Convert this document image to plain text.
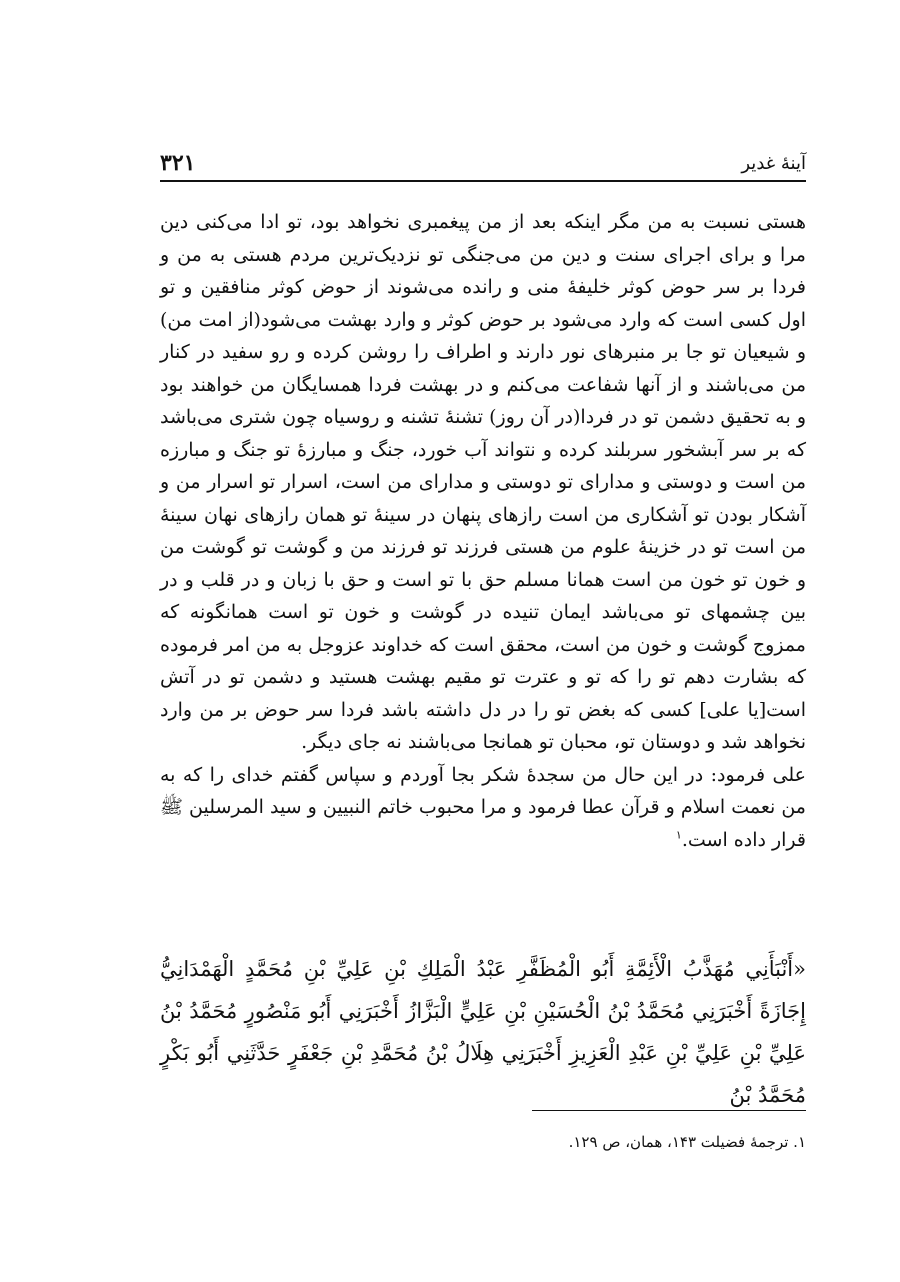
آینهٔ غدیر
۳۲۱

هستی نسبت به من مگر اینکه بعد از من پیغمبری نخواهد بود، تو ادا می‌کنی دین مرا و برای اجرای سنت و دین من می‌جنگی تو نزدیک‌ترین مردم هستی به من و فردا بر سر حوض کوثر خلیفهٔ منی و رانده می‌شوند از حوض کوثر منافقین و تو اول کسی است که وارد می‌شود بر حوض کوثر و وارد بهشت می‌شود(از امت من) و شیعیان تو جا بر منبرهای نور دارند و اطراف را روشن کرده و رو سفید در کنار من می‌باشند و از آنها شفاعت می‌کنم و در بهشت فردا همسایگان من خواهند بود و به تحقیق دشمن تو در فردا(در آن روز) تشنهٔ تشنه و روسیاه چون شتری می‌باشد که بر سر آبشخور سربلند کرده و نتواند آب خورد، جنگ و مبارزهٔ تو جنگ و مبارزه من است و دوستی و مدارای تو دوستی و مدارای من است، اسرار تو اسرار من و آشکار بودن تو آشکاری من است رازهای پنهان در سینهٔ تو همان رازهای نهان سینهٔ من است تو در خزینهٔ علوم من هستی فرزند تو فرزند من و گوشت تو گوشت من و خون تو خون من است همانا مسلم حق با تو است و حق با زبان و در قلب و در بین چشمهای تو می‌باشد ایمان تنیده در گوشت و خون تو است همانگونه که ممزوج گوشت و خون من است، محقق است که خداوند عزوجل به من امر فرموده که بشارت دهم تو را که تو و عترت تو مقیم بهشت هستید و دشمن تو در آتش است[یا علی] کسی که بغض تو را در دل داشته باشد فردا سر حوض بر من وارد نخواهد شد و دوستان تو، محبان تو همانجا می‌باشند نه جای دیگر.

علی فرمود: در این حال من سجدهٔ شکر بجا آوردم و سپاس گفتم خدای را که به من نعمت اسلام و قرآن عطا فرمود و مرا محبوب خاتم النبیین و سید المرسلین ﷺ قرار داده است.$^۱$

«أَنْبَأَنِي مُهَذَّبُ الْأَئِمَّةِ أَبُو الْمُظَفَّرِ عَبْدُ الْمَلِكِ بْنِ عَلِيِّ بْنِ مُحَمَّدٍ الْهَمْدَانِيُّ إِجَازَةً أَخْبَرَنِي مُحَمَّدُ بْنُ الْحُسَيْنِ بْنِ عَلِيٍّ الْبَزَّازُ أَخْبَرَنِي أَبُو مَنْصُورٍ مُحَمَّدُ بْنُ عَلِيِّ بْنِ عَلِيِّ بْنِ عَبْدِ الْعَزِيزِ أَخْبَرَنِي هِلَالُ بْنُ مُحَمَّدِ بْنِ جَعْفَرٍ حَدَّثَنِي أَبُو بَكْرٍ مُحَمَّدُ بْنُ
۱. ترجمهٔ فضیلت ۱۴۳، همان، ص ۱۲۹.
